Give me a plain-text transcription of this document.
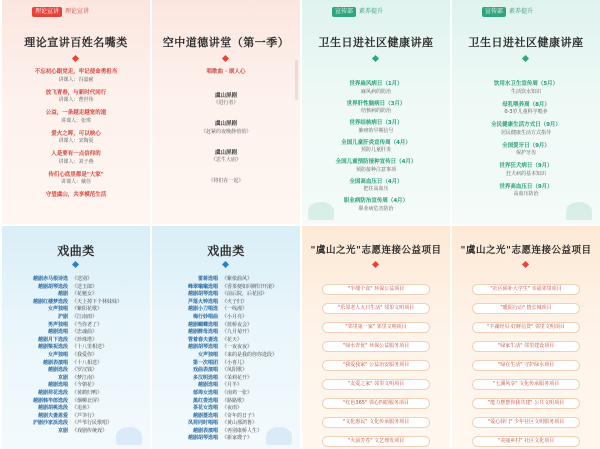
理论宣讲	理论宣讲
理论宣讲百姓名嘴类
不忘初心跟党走，牢记使命勇担当
讲课人：冯嘉耐
放飞青春，与新时代同行
讲课人：曹世伟
公益，一条越走越宽的道
讲课人：张琪
爱火之晖，可以映心
讲课人：宋陶夏
人是要有一点信仰的
讲课人：刘子燕
传们心底里都是"大家"
讲课人：戴佳
守望虞山，共享模范生活
空中道德讲堂（第一季）
唱歌曲 · 颂人心
虞山屏剧
《进行者》
虞山屏剧
《赶紧的夜晚静悄悄》
虞山屏剧
《思生大庙》
《将们在一起》
宣传部	素养提升
卫生日进社区健康讲座
世界扁风病日（1月）
麻风病的防治
世界肝性脑病日（3月）
结核病的防治
世界结核病日（3月）
肺痨的早期信号
全国儿童肝炎宣传周（4月）
预防儿童肝炎
全国儿童预防接种宣传日（4月）
预防接种注意事项
全国高血压日（4月）
把住高血压
职业病防治宣传周（4月）
职业病危害防治
宣传部	素养提升
卫生日进社区健康讲座
饮用水卫生宣传周（5月）
生活饮水知识
母乳喂养周（8月）
0-3岁儿童科学喂养
全民健康生活方式日（9月）
居民健康生活方式指导
全国爱牙日（9月）
保护牙齿
世界狂犬病日（9月）
狂犬病的基本知识
世界高血压日（9月）
高血压防治
戏曲类
越剧赤马根诗选 《送别》
越剧胡琴选段 《送玉郎》
越剧 《花魁女》
越剧红楼梦选段 《天上掉下个林妹妹》
女声独唱 《紫阳花歌》
沪剧 《江南雨》
男声独唱 《当你老了》
越剧选唱 《忠魂曲》
越剧月下选段 《珍珠塔》
越剧梁祝选段 《十八里相送》
女声独唱 《我爱你》
越剧表演唱 《十八相送》
越剧选段 《罗汉钱》
京剧 《梦江南》
越剧选唱 《今朝花》
越剧荷花选段 《黄鹤归鸭》
越剧韩毕郎选段 《烟柳北屏》
越剧胡桃选段 《追鱼》
越剧夫妻恩爱 《芦笋行》
沪剧沙家浜选段 《芦苇行民歌唱》
京剧 《戏剧传统戏》
戏曲类
雷蒋选唱 《紫依曲风》
峰翠嗡嗡选唱 《香茶便如回鲜旧开滚》
越剧胡琴选唱 《前后院，后花园》
芦落火钟选唱 《火子归》
越剧小刀唱选 《一线漫》
梅行妙唱曲 《小月亮》
越剧蝴蝶选唱 《蓝桥夜会》
越剧醉母选唱 《九月菊开》
管着春夫妻选 《花天》
越剧胡琴选唱 《一夜夜夜》
女声独唱 《来的是我的你你选段》
第一次唱团 《小喜儿》
戏曲表演唱 《凤阳歌》
多汉明选唱 《茉莉花开》
越剧选唱 《月半》
郁埠女选唱 《南鸡一张》
黑红娄选唱 《路路歌》
茶花女选唱 《夜雨》
越剧菱选唱 《奇年的日子》
凤荷同时唱唱 《黄山那鸿鲁》
越剧表演唱 《再别康桥人生》
越剧胡琴选唱 《新家嫂子》
"虞山之光"志愿连接公益项目
"半缕个食" 环保公益项目
"乐邻老人五日生活" 邻里文明项目
"邻里第一家" 邻里文明项目
"绿水青优" 环保公益服务项目
"我爱我家" 公益治安服务项目
"友爱之家" 邻里文明项目
"红色365" 邻心四助服务项目
"文化惠民" 文化传承服务项目
"火前芳卷" 文艺理发项目
"虞山之光"志愿连接公益项目
"社区候补大学生" 幸福邻里项目
"暖阳行动" 情长城项目
"丰湖经贝·好鲜信贷" 邻里文明项目
"绿家生活" 邻里建设项目
"绿在生活" 守护绿水项目
"七溪风享" 文化传承服务项目
"能力摆摆你我共建" 公共文明项目
"爱心驿门" 少年社区文明服务项目
"美丽乡村" 社区文化项目
